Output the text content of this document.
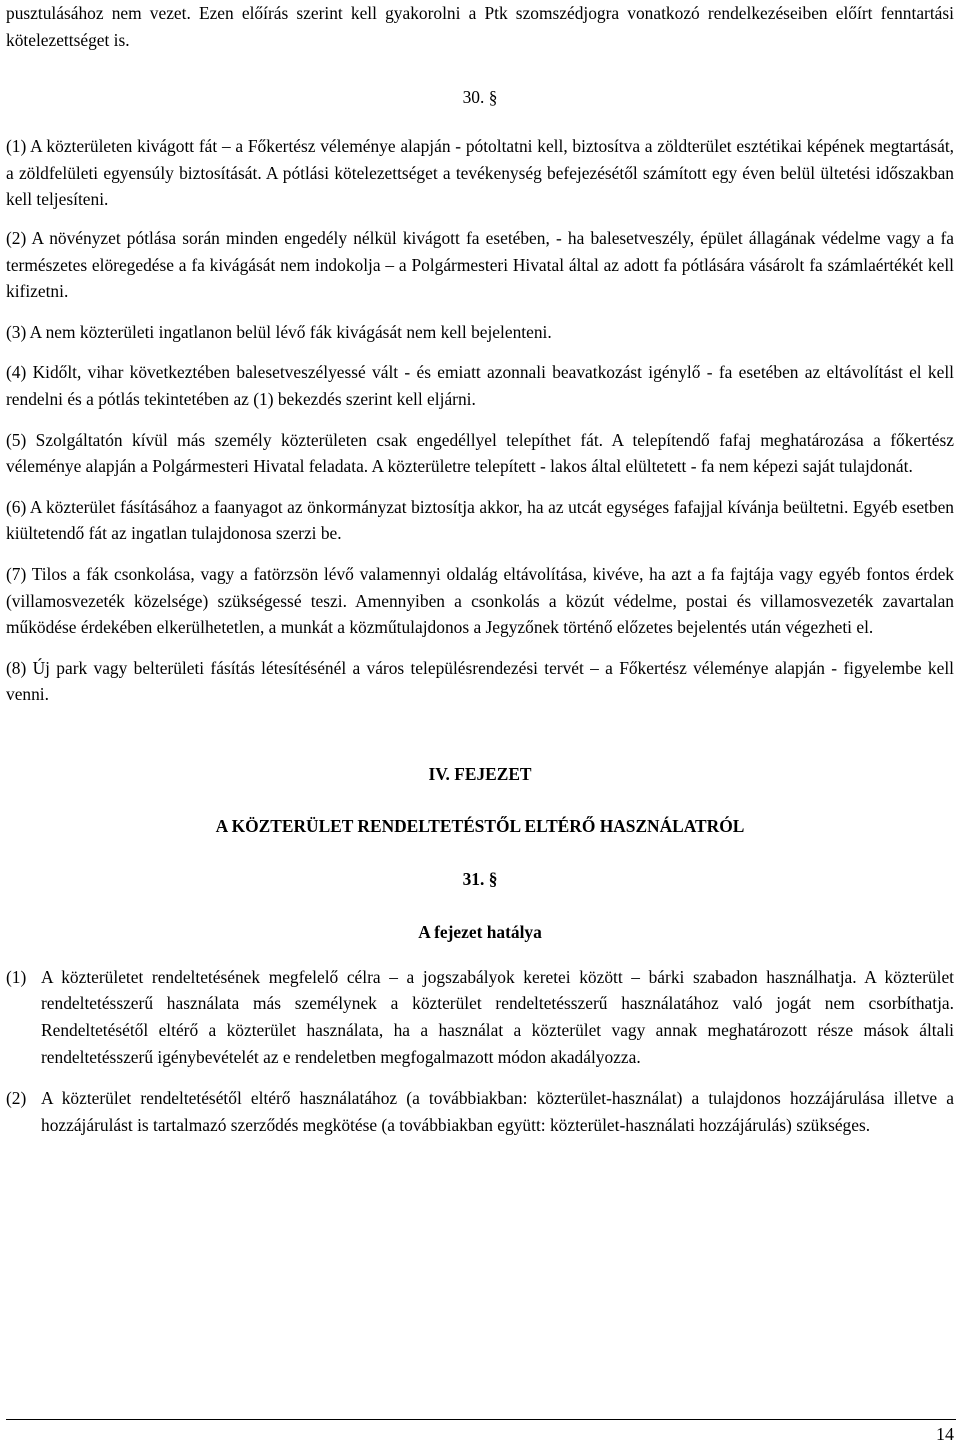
pusztulásához nem vezet. Ezen előírás szerint kell gyakorolni a Ptk szomszédjogra vonatkozó rendelkezéseiben előírt fenntartási kötelezettséget is.

30. §

(1) A közterületen kivágott fát – a Főkertész véleménye alapján - pótoltatni kell, biztosítva a zöldterület esztétikai képének megtartását, a zöldfelületi egyensúly biztosítását. A pótlási kötelezettséget a tevékenység befejezésétől számított egy éven belül ültetési időszakban kell teljesíteni.

(2) A növényzet pótlása során minden engedély nélkül kivágott fa esetében, - ha balesetveszély, épület állagának védelme vagy a fa természetes elöregedése a fa kivágását nem indokolja – a Polgármesteri Hivatal által az adott fa pótlására vásárolt fa számlaértékét kell kifizetni.

(3) A nem közterületi ingatlanon belül lévő fák kivágását nem kell bejelenteni.

(4) Kidőlt, vihar következtében balesetveszélyessé vált - és emiatt azonnali beavatkozást igénylő - fa esetében az eltávolítást el kell rendelni és a pótlás tekintetében az (1) bekezdés szerint kell eljárni.

(5) Szolgáltatón kívül más személy közterületen csak engedéllyel telepíthet fát. A telepítendő fafaj meghatározása a főkertész véleménye alapján a Polgármesteri Hivatal feladata. A közterületre telepített - lakos által elültetett - fa nem képezi saját tulajdonát.

(6) A közterület fásításához a faanyagot az önkormányzat biztosítja akkor, ha az utcát egységes fafajjal kívánja beültetni. Egyéb esetben kiültetendő fát az ingatlan tulajdonosa szerzi be.

(7) Tilos a fák csonkolása, vagy a fatörzsön lévő valamennyi oldalág eltávolítása, kivéve, ha azt a fa fajtája vagy egyéb fontos érdek (villamosvezeték közelsége) szükségessé teszi. Amennyiben a csonkolás a közút védelme, postai és villamosvezeték zavartalan működése érdekében elkerülhetetlen, a munkát a közműtulajdonos a Jegyzőnek történő előzetes bejelentés után végezheti el.

(8) Új park vagy belterületi fásítás létesítésénél a város településrendezési tervét – a Főkertész véleménye alapján - figyelembe kell venni.

IV. FEJEZET

A KÖZTERÜLET RENDELTETÉSTŐL ELTÉRŐ HASZNÁLATRÓL

31. §

A fejezet hatálya

(1) A közterületet rendeltetésének megfelelő célra – a jogszabályok keretei között – bárki szabadon használhatja. A közterület rendeltetésszerű használata más személynek a közterület rendeltetésszerű használatához való jogát nem csorbíthatja. Rendeltetésétől eltérő a közterület használata, ha a használat a közterület vagy annak meghatározott része mások általi rendeltetésszerű igénybevételét az e rendeletben megfogalmazott módon akadályozza.
(2) A közterület rendeltetésétől eltérő használatához (a továbbiakban: közterület-használat) a tulajdonos hozzájárulása illetve a hozzájárulást is tartalmazó szerződés megkötése (a továbbiakban együtt: közterület-használati hozzájárulás) szükséges.
14
